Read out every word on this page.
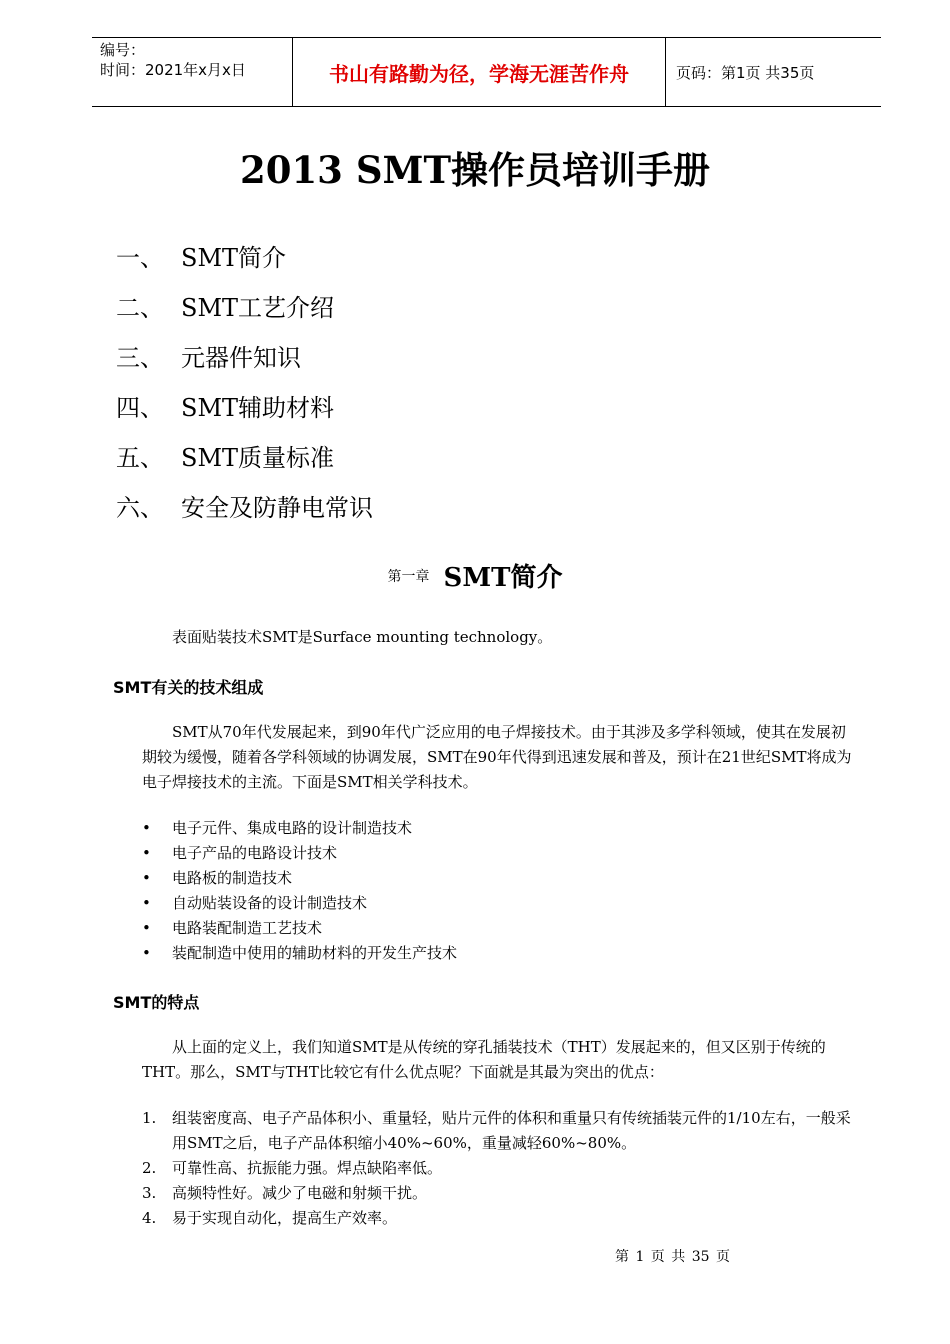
编号：
时间：2021年x月x日	书山有路勤为径，学海无涯苦作舟	页码：第1页 共35页
2013 SMT操作员培训手册
一、 SMT简介
二、 SMT工艺介绍
三、 元器件知识
四、 SMT辅助材料
五、 SMT质量标准
六、 安全及防静电常识
第一章 SMT简介

表面贴装技术SMT是Surface mounting technology。

SMT有关的技术组成

SMT从70年代发展起来，到90年代广泛应用的电子焊接技术。由于其涉及多学科领域，使其在发展初期较为缓慢，随着各学科领域的协调发展，SMT在90年代得到迅速发展和普及，预计在21世纪SMT将成为电子焊接技术的主流。下面是SMT相关学科技术。

•	电子元件、集成电路的设计制造技术
•	电子产品的电路设计技术
•	电路板的制造技术
•	自动贴装设备的设计制造技术
•	电路装配制造工艺技术
•	装配制造中使用的辅助材料的开发生产技术
SMT的特点

从上面的定义上，我们知道SMT是从传统的穿孔插装技术（THT）发展起来的，但又区别于传统的THT。那么，SMT与THT比较它有什么优点呢？下面就是其最为突出的优点：

1.	组装密度高、电子产品体积小、重量轻，贴片元件的体积和重量只有传统插装元件的1/10左右，一般采用SMT之后，电子产品体积缩小40%~60%，重量减轻60%~80%。
2.	可靠性高、抗振能力强。焊点缺陷率低。
3.	高频特性好。减少了电磁和射频干扰。
4.	易于实现自动化，提高生产效率。
第 1 页 共 35 页
